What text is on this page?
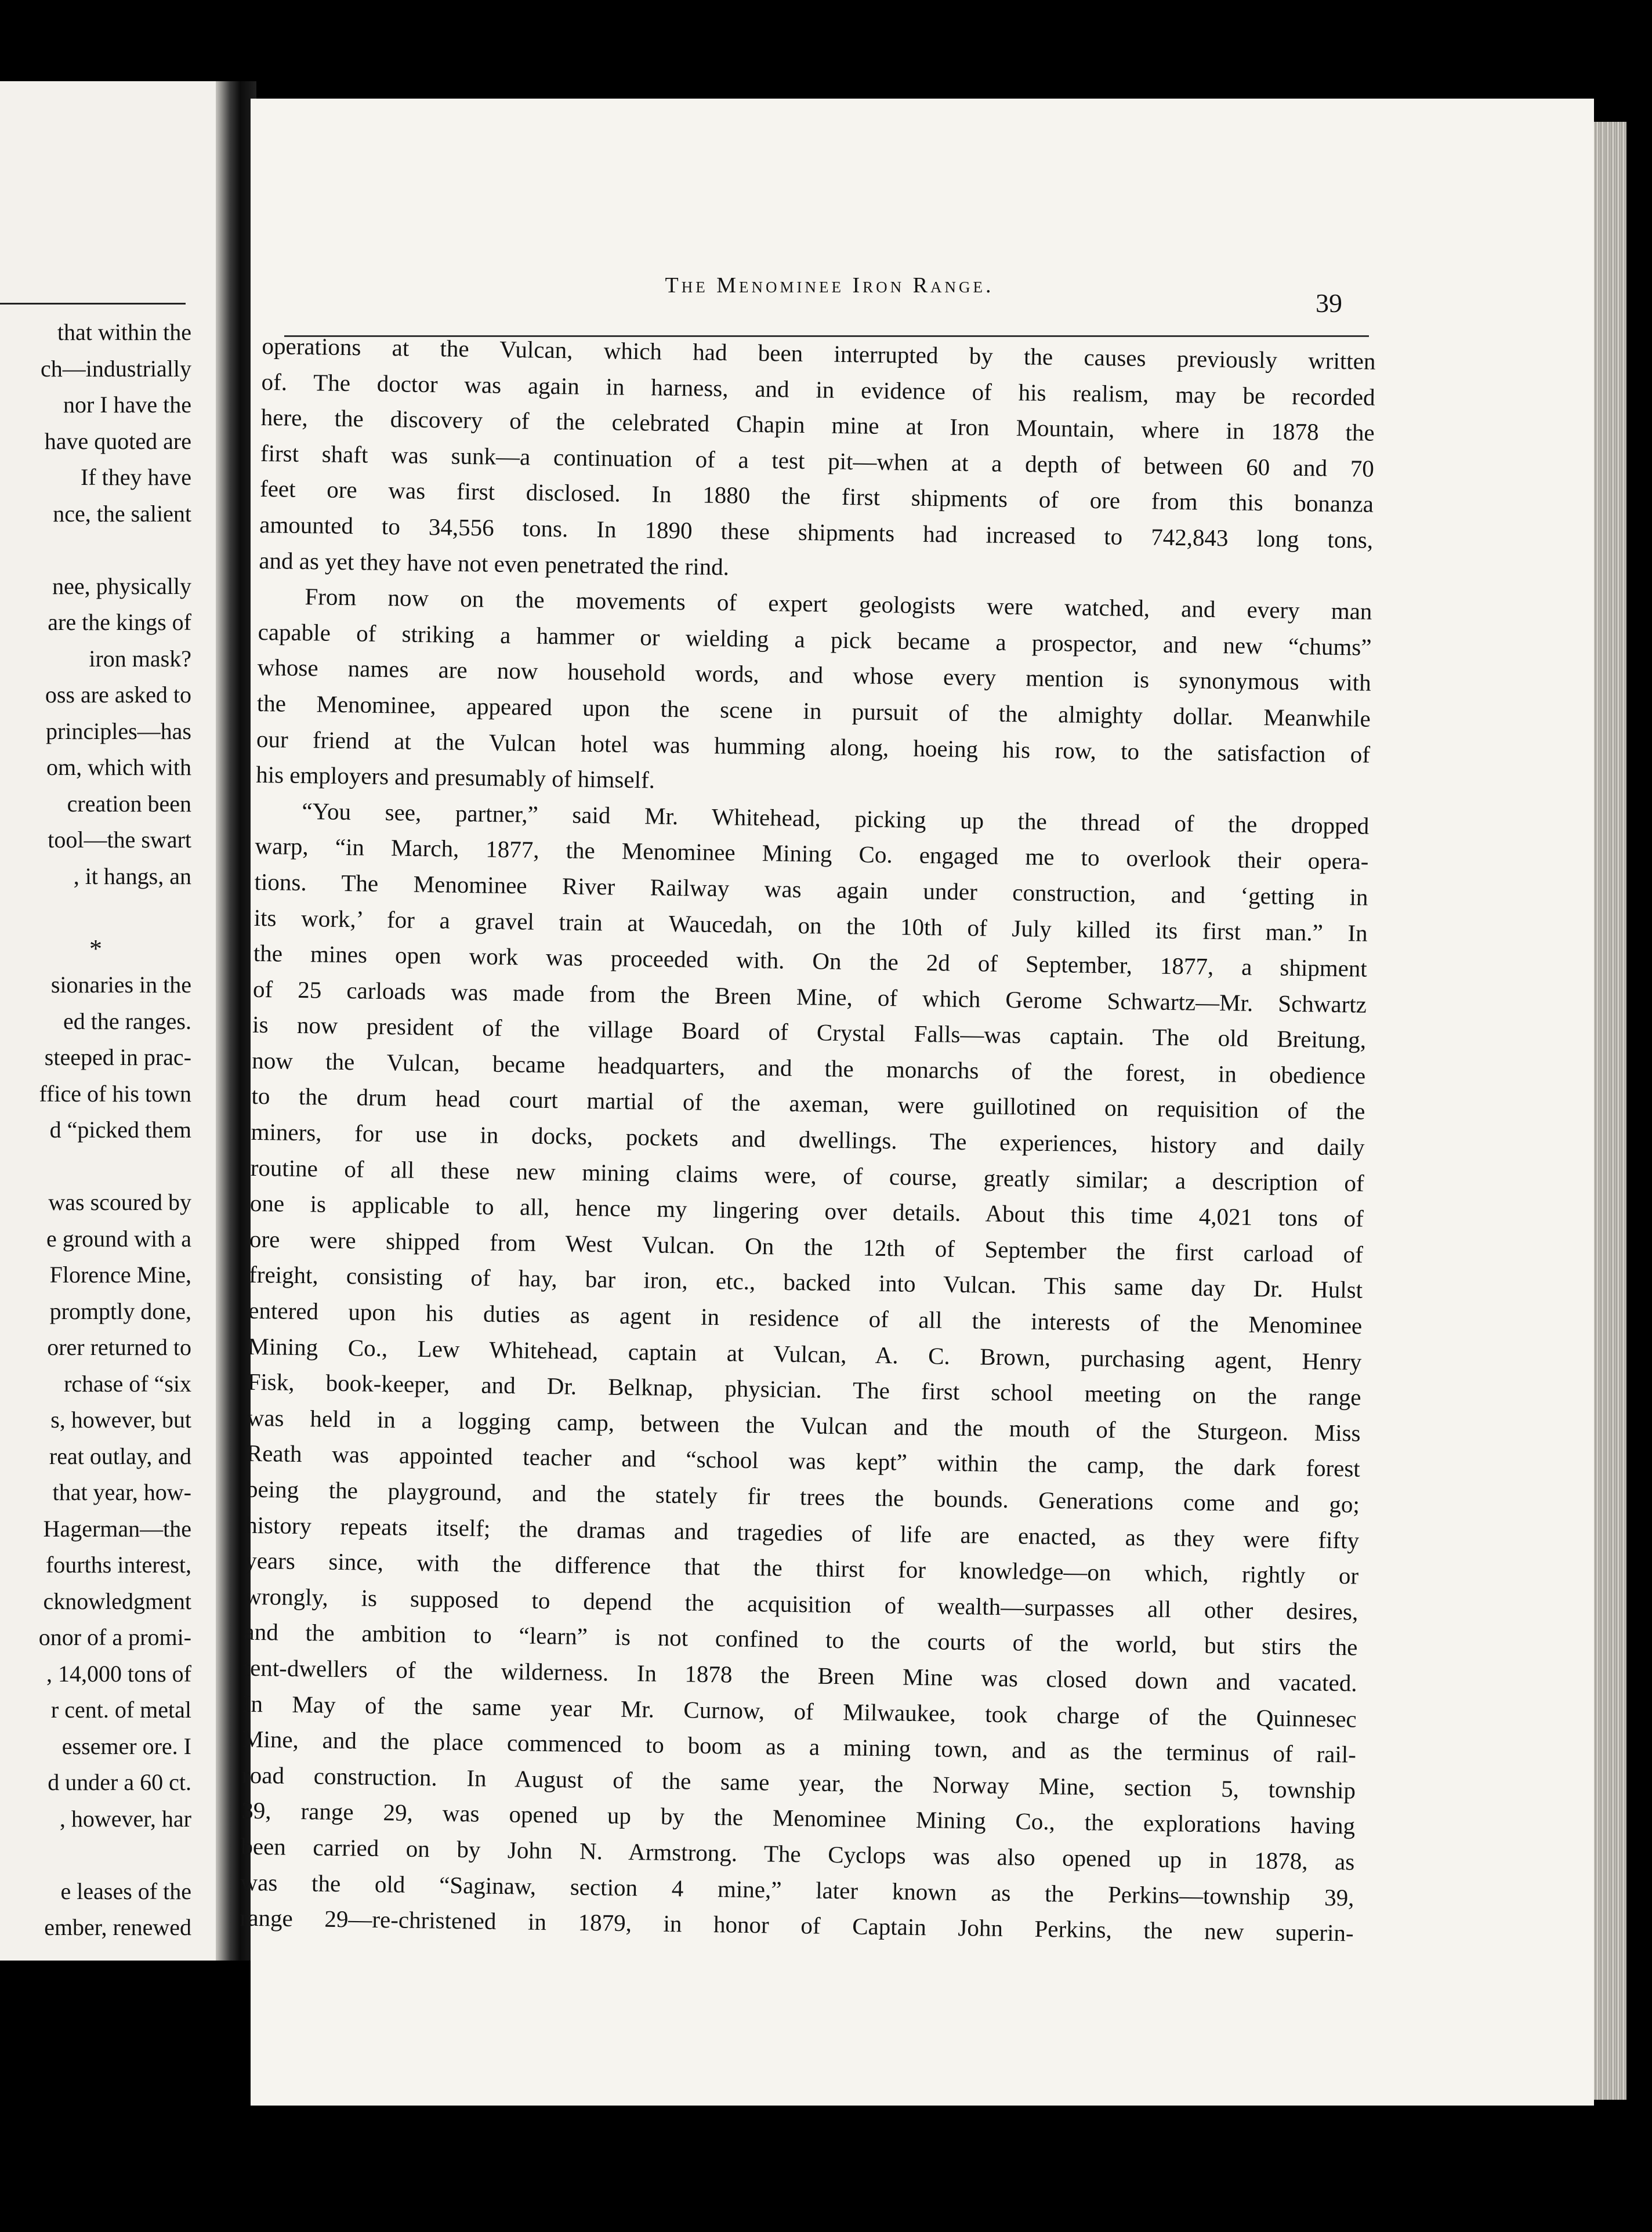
that within the
ch—industrially
nor I have the
have quoted are
If they have
nce, the salient
nee, physically
are the kings of
iron mask?
oss are asked to
principles—has
om, which with
creation been
tool—the swart
, it hangs, an
*
sionaries in the
ed the ranges.
steeped in prac-
ffice of his town
d “picked them
was scoured by
e ground with a
Florence Mine,
promptly done,
orer returned to
rchase of “six
s, however, but
reat outlay, and
that year, how-
Hagerman—the
fourths interest,
cknowledgment
onor of a promi-
, 14,000 tons of
r cent. of metal
essemer ore. I
d under a 60 ct.
, however, har
e leases of the
ember, renewed
The Menominee Iron Range.
39
operations at the Vulcan, which had been interrupted by the causes previously written
of. The doctor was again in harness, and in evidence of his realism, may be recorded
here, the discovery of the celebrated Chapin mine at Iron Mountain, where in 1878 the
first shaft was sunk—a continuation of a test pit—when at a depth of between 60 and 70
feet ore was first disclosed. In 1880 the first shipments of ore from this bonanza
amounted to 34,556 tons. In 1890 these shipments had increased to 742,843 long tons,
and as yet they have not even penetrated the rind.
From now on the movements of expert geologists were watched, and every man
capable of striking a hammer or wielding a pick became a prospector, and new “chums”
whose names are now household words, and whose every mention is synonymous with
the Menominee, appeared upon the scene in pursuit of the almighty dollar. Meanwhile
our friend at the Vulcan hotel was humming along, hoeing his row, to the satisfaction of
his employers and presumably of himself.
“You see, partner,” said Mr. Whitehead, picking up the thread of the dropped
warp, “in March, 1877, the Menominee Mining Co. engaged me to overlook their opera-
tions. The Menominee River Railway was again under construction, and ‘getting in
its work,’ for a gravel train at Waucedah, on the 10th of July killed its first man.” In
the mines open work was proceeded with. On the 2d of September, 1877, a shipment
of 25 carloads was made from the Breen Mine, of which Gerome Schwartz—Mr. Schwartz
is now president of the village Board of Crystal Falls—was captain. The old Breitung,
now the Vulcan, became headquarters, and the monarchs of the forest, in obedience
to the drum head court martial of the axeman, were guillotined on requisition of the
miners, for use in docks, pockets and dwellings. The experiences, history and daily
routine of all these new mining claims were, of course, greatly similar; a description of
one is applicable to all, hence my lingering over details. About this time 4,021 tons of
ore were shipped from West Vulcan. On the 12th of September the first carload of
freight, consisting of hay, bar iron, etc., backed into Vulcan. This same day Dr. Hulst
entered upon his duties as agent in residence of all the interests of the Menominee
Mining Co., Lew Whitehead, captain at Vulcan, A. C. Brown, purchasing agent, Henry
Fisk, book-keeper, and Dr. Belknap, physician. The first school meeting on the range
was held in a logging camp, between the Vulcan and the mouth of the Sturgeon. Miss
Reath was appointed teacher and “school was kept” within the camp, the dark forest
being the playground, and the stately fir trees the bounds. Generations come and go;
history repeats itself; the dramas and tragedies of life are enacted, as they were fifty
years since, with the difference that the thirst for knowledge—on which, rightly or
wrongly, is supposed to depend the acquisition of wealth—surpasses all other desires,
and the ambition to “learn” is not confined to the courts of the world, but stirs the
tent-dwellers of the wilderness. In 1878 the Breen Mine was closed down and vacated.
In May of the same year Mr. Curnow, of Milwaukee, took charge of the Quinnesec
Mine, and the place commenced to boom as a mining town, and as the terminus of rail-
road construction. In August of the same year, the Norway Mine, section 5, township
39, range 29, was opened up by the Menominee Mining Co., the explorations having
been carried on by John N. Armstrong. The Cyclops was also opened up in 1878, as
was the old “Saginaw, section 4 mine,” later known as the Perkins—township 39,
range 29—re-christened in 1879, in honor of Captain John Perkins, the new superin-
